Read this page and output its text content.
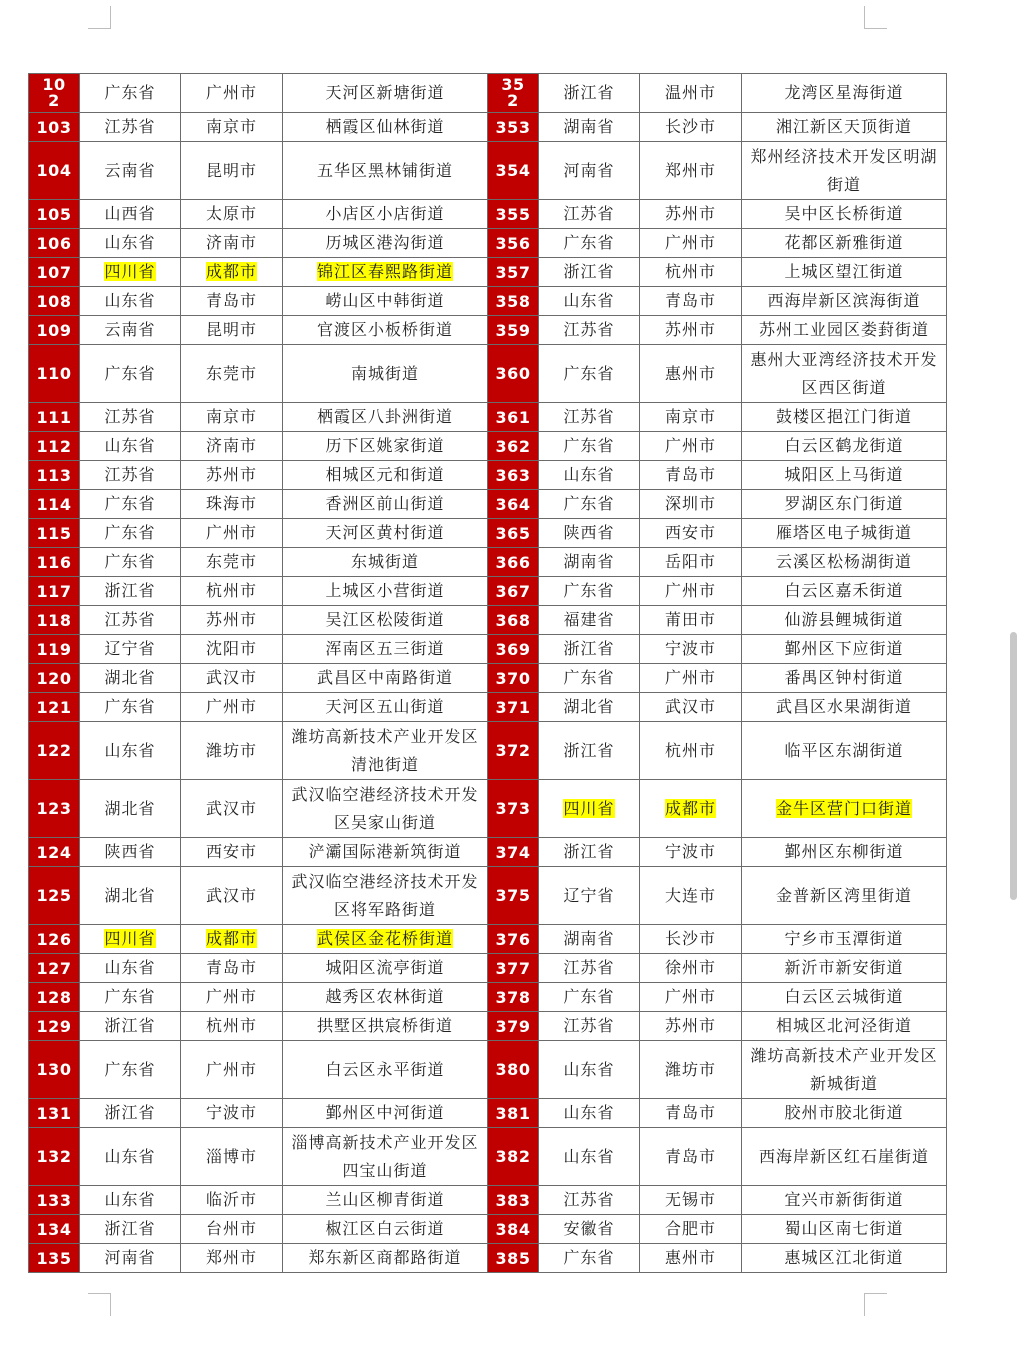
102	广东省	广州市	天河区新塘街道	352	浙江省	温州市	龙湾区星海街道
103	江苏省	南京市	栖霞区仙林街道	353	湖南省	长沙市	湘江新区天顶街道
104	云南省	昆明市	五华区黑林铺街道	354	河南省	郑州市	郑州经济技术开发区明湖街道
105	山西省	太原市	小店区小店街道	355	江苏省	苏州市	吴中区长桥街道
106	山东省	济南市	历城区港沟街道	356	广东省	广州市	花都区新雅街道
107	四川省	成都市	锦江区春熙路街道	357	浙江省	杭州市	上城区望江街道
108	山东省	青岛市	崂山区中韩街道	358	山东省	青岛市	西海岸新区滨海街道
109	云南省	昆明市	官渡区小板桥街道	359	江苏省	苏州市	苏州工业园区娄葑街道
110	广东省	东莞市	南城街道	360	广东省	惠州市	惠州大亚湾经济技术开发区西区街道
111	江苏省	南京市	栖霞区八卦洲街道	361	江苏省	南京市	鼓楼区挹江门街道
112	山东省	济南市	历下区姚家街道	362	广东省	广州市	白云区鹤龙街道
113	江苏省	苏州市	相城区元和街道	363	山东省	青岛市	城阳区上马街道
114	广东省	珠海市	香洲区前山街道	364	广东省	深圳市	罗湖区东门街道
115	广东省	广州市	天河区黄村街道	365	陕西省	西安市	雁塔区电子城街道
116	广东省	东莞市	东城街道	366	湖南省	岳阳市	云溪区松杨湖街道
117	浙江省	杭州市	上城区小营街道	367	广东省	广州市	白云区嘉禾街道
118	江苏省	苏州市	吴江区松陵街道	368	福建省	莆田市	仙游县鲤城街道
119	辽宁省	沈阳市	浑南区五三街道	369	浙江省	宁波市	鄞州区下应街道
120	湖北省	武汉市	武昌区中南路街道	370	广东省	广州市	番禺区钟村街道
121	广东省	广州市	天河区五山街道	371	湖北省	武汉市	武昌区水果湖街道
122	山东省	潍坊市	潍坊高新技术产业开发区清池街道	372	浙江省	杭州市	临平区东湖街道
123	湖北省	武汉市	武汉临空港经济技术开发区吴家山街道	373	四川省	成都市	金牛区营门口街道
124	陕西省	西安市	浐灞国际港新筑街道	374	浙江省	宁波市	鄞州区东柳街道
125	湖北省	武汉市	武汉临空港经济技术开发区将军路街道	375	辽宁省	大连市	金普新区湾里街道
126	四川省	成都市	武侯区金花桥街道	376	湖南省	长沙市	宁乡市玉潭街道
127	山东省	青岛市	城阳区流亭街道	377	江苏省	徐州市	新沂市新安街道
128	广东省	广州市	越秀区农林街道	378	广东省	广州市	白云区云城街道
129	浙江省	杭州市	拱墅区拱宸桥街道	379	江苏省	苏州市	相城区北河泾街道
130	广东省	广州市	白云区永平街道	380	山东省	潍坊市	潍坊高新技术产业开发区新城街道
131	浙江省	宁波市	鄞州区中河街道	381	山东省	青岛市	胶州市胶北街道
132	山东省	淄博市	淄博高新技术产业开发区四宝山街道	382	山东省	青岛市	西海岸新区红石崖街道
133	山东省	临沂市	兰山区柳青街道	383	江苏省	无锡市	宜兴市新街街道
134	浙江省	台州市	椒江区白云街道	384	安徽省	合肥市	蜀山区南七街道
135	河南省	郑州市	郑东新区商都路街道	385	广东省	惠州市	惠城区江北街道
